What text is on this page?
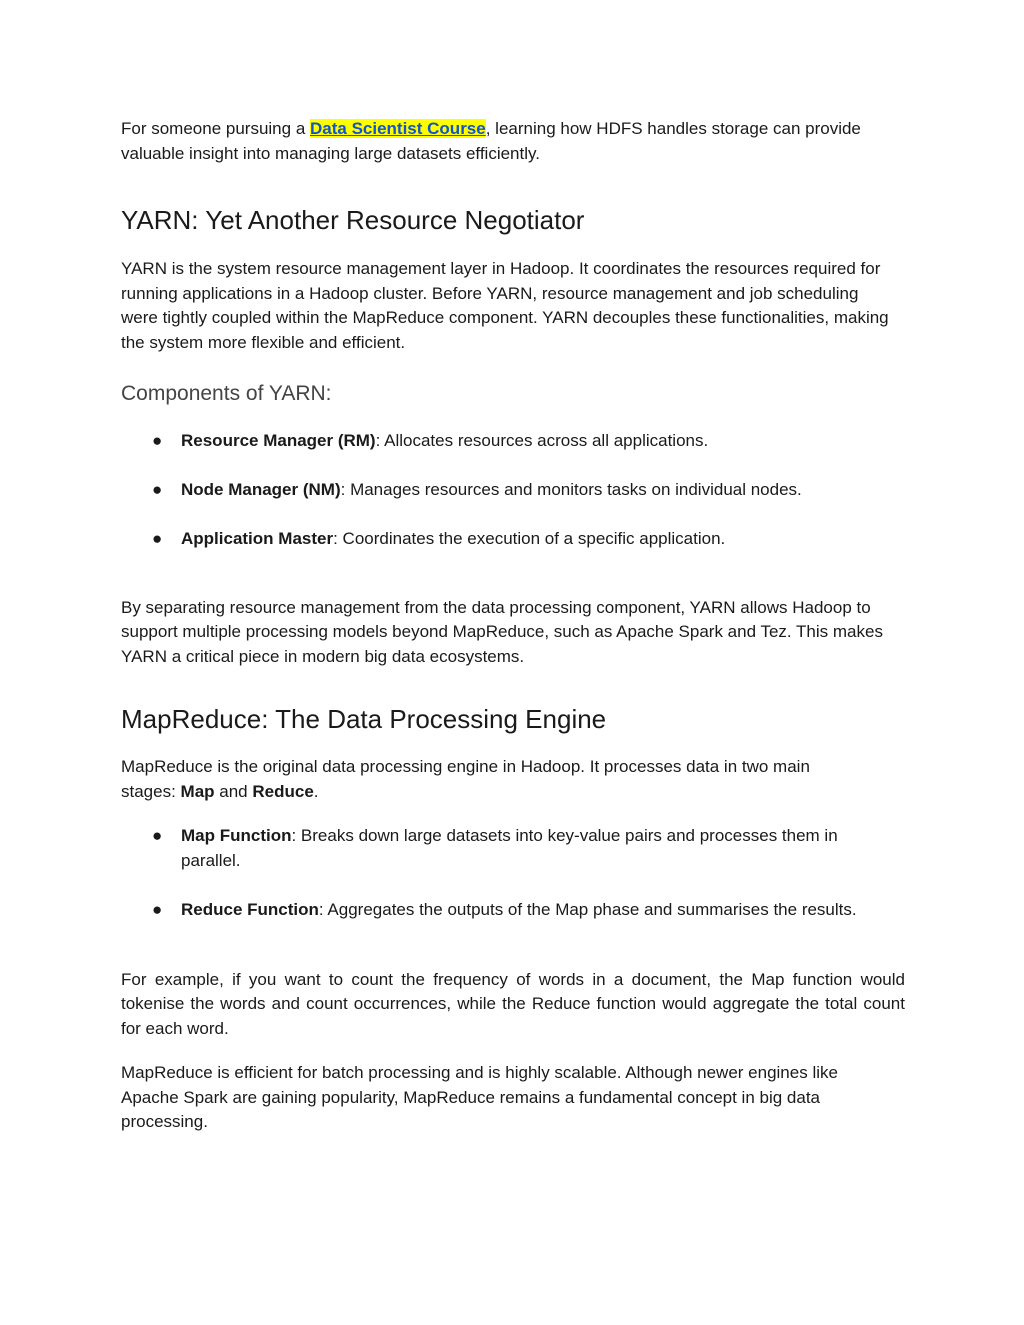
For someone pursuing a Data Scientist Course, learning how HDFS handles storage can provide valuable insight into managing large datasets efficiently.

YARN: Yet Another Resource Negotiator

YARN is the system resource management layer in Hadoop. It coordinates the resources required for running applications in a Hadoop cluster. Before YARN, resource management and job scheduling were tightly coupled within the MapReduce component. YARN decouples these functionalities, making the system more flexible and efficient.

Components of YARN:
● Resource Manager (RM): Allocates resources across all applications.
● Node Manager (NM): Manages resources and monitors tasks on individual nodes.
● Application Master: Coordinates the execution of a specific application.

By separating resource management from the data processing component, YARN allows Hadoop to support multiple processing models beyond MapReduce, such as Apache Spark and Tez. This makes YARN a critical piece in modern big data ecosystems.

MapReduce: The Data Processing Engine

MapReduce is the original data processing engine in Hadoop. It processes data in two main stages: Map and Reduce.

● Map Function: Breaks down large datasets into key-value pairs and processes them in parallel.
● Reduce Function: Aggregates the outputs of the Map phase and summarises the results.

For example, if you want to count the frequency of words in a document, the Map function would tokenise the words and count occurrences, while the Reduce function would aggregate the total count for each word.

MapReduce is efficient for batch processing and is highly scalable. Although newer engines like Apache Spark are gaining popularity, MapReduce remains a fundamental concept in big data processing.
